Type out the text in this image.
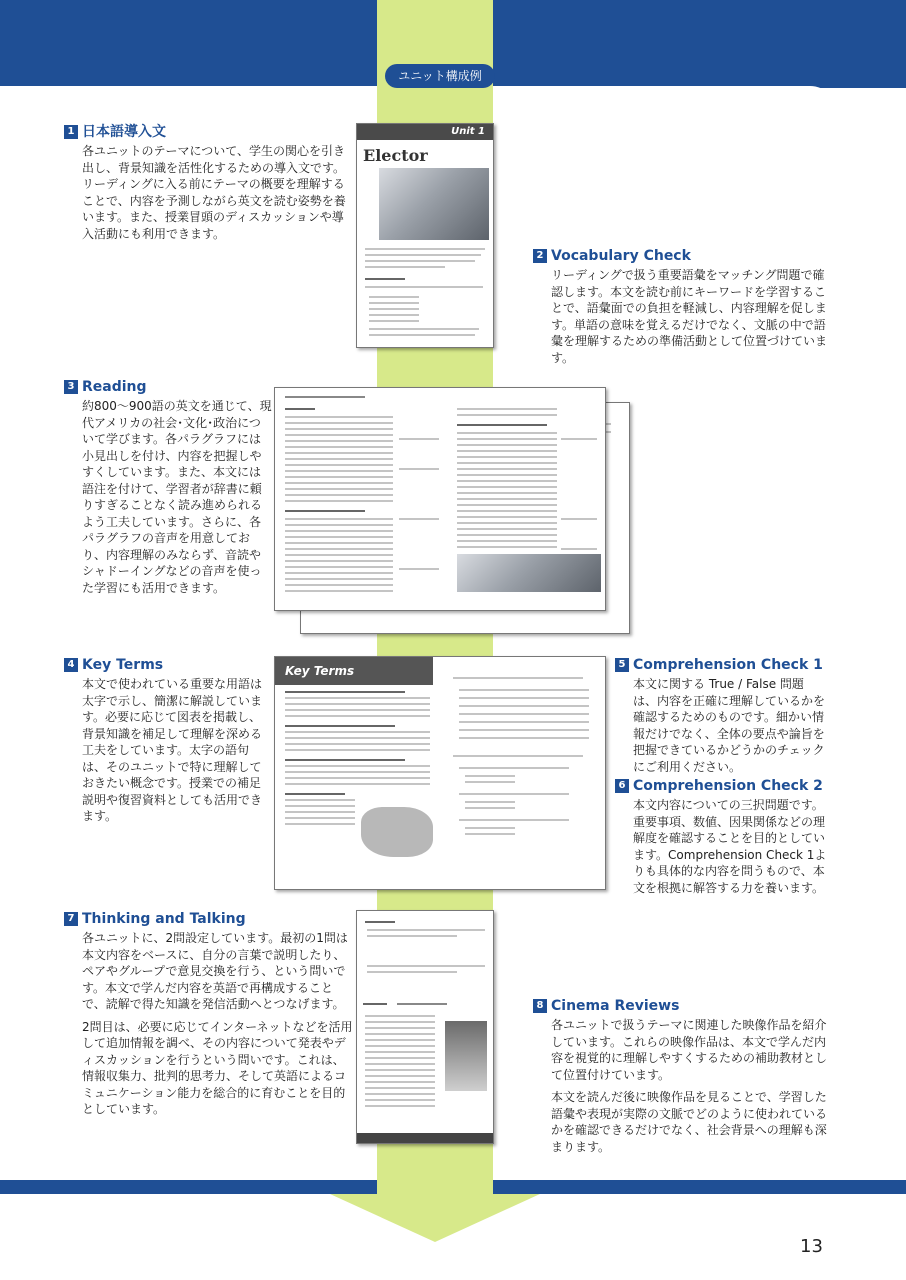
ユニット構成例
Unit 1
Elector
Key Terms
1 日本語導入文

各ユニットのテーマについて、学生の関心を引き出し、背景知識を活性化するための導入文です。リーディングに入る前にテーマの概要を理解することで、内容を予測しながら英文を読む姿勢を養います。また、授業冒頭のディスカッションや導入活動にも利用できます。

2 Vocabulary Check

リーディングで扱う重要語彙をマッチング問題で確認します。本文を読む前にキーワードを学習することで、語彙面での負担を軽減し、内容理解を促します。単語の意味を覚えるだけでなく、文脈の中で語彙を理解するための準備活動として位置づけています。

3 Reading

約800～900語の英文を通じて、現代アメリカの社会･文化･政治について学びます。各パラグラフには小見出しを付け、内容を把握しやすくしています。また、本文には語注を付けて、学習者が辞書に頼りすぎることなく読み進められるよう工夫しています。さらに、各パラグラフの音声を用意しており、内容理解のみならず、音読やシャドーイングなどの音声を使った学習にも活用できます。

4 Key Terms

本文で使われている重要な用語は太字で示し、簡潔に解説しています。必要に応じて図表を掲載し、背景知識を補足して理解を深める工夫をしています。太字の語句は、そのユニットで特に理解しておきたい概念です。授業での補足説明や復習資料としても活用できます。

5 Comprehension Check 1

本文に関する True / False 問題は、内容を正確に理解しているかを確認するためのものです。細かい情報だけでなく、全体の要点や論旨を把握できているかどうかのチェックにご利用ください。

6 Comprehension Check 2

本文内容についての三択問題です。重要事項、数値、因果関係などの理解度を確認することを目的としています。Comprehension Check 1よりも具体的な内容を問うもので、本文を根拠に解答する力を養います。

7 Thinking and Talking

各ユニットに、2問設定しています。最初の1問は本文内容をベースに、自分の言葉で説明したり、ペアやグループで意見交換を行う、という問いです。本文で学んだ内容を英語で再構成することで、読解で得た知識を発信活動へとつなげます。

2問目は、必要に応じてインターネットなどを活用して追加情報を調べ、その内容について発表やディスカッションを行うという問いです。これは、情報収集力、批判的思考力、そして英語によるコミュニケーション能力を総合的に育むことを目的としています。

8 Cinema Reviews

各ユニットで扱うテーマに関連した映像作品を紹介しています。これらの映像作品は、本文で学んだ内容を視覚的に理解しやすくするための補助教材として位置付けています。

本文を読んだ後に映像作品を見ることで、学習した語彙や表現が実際の文脈でどのように使われているかを確認できるだけでなく、社会背景への理解も深まります。

13
